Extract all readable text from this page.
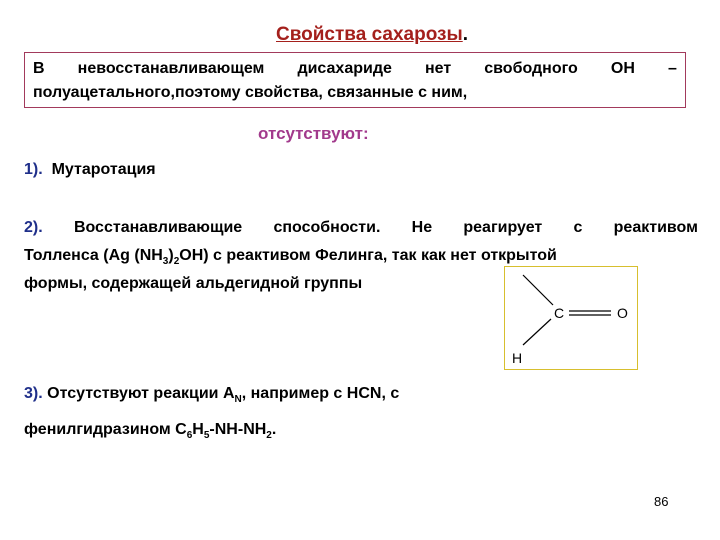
Свойства сахарозы.
В невосстанавливающем дисахариде нет свободного ОН –
полуацетального,поэтому свойства, связанные с ним,
отсутствуют:
1). Мутаротация
2). Восстанавливающие способности. Не реагирует с реактивом
Толленса (Ag $(NH_3)_2OH$) с реактивом Фелинга, так как нет открытой
формы, содержащей альдегидной группы
C	O
H
3). Отсутствуют реакции $A_N$, например с HCN, с
фенилгидразином $C_6H_5-NH-NH_2$.
86
